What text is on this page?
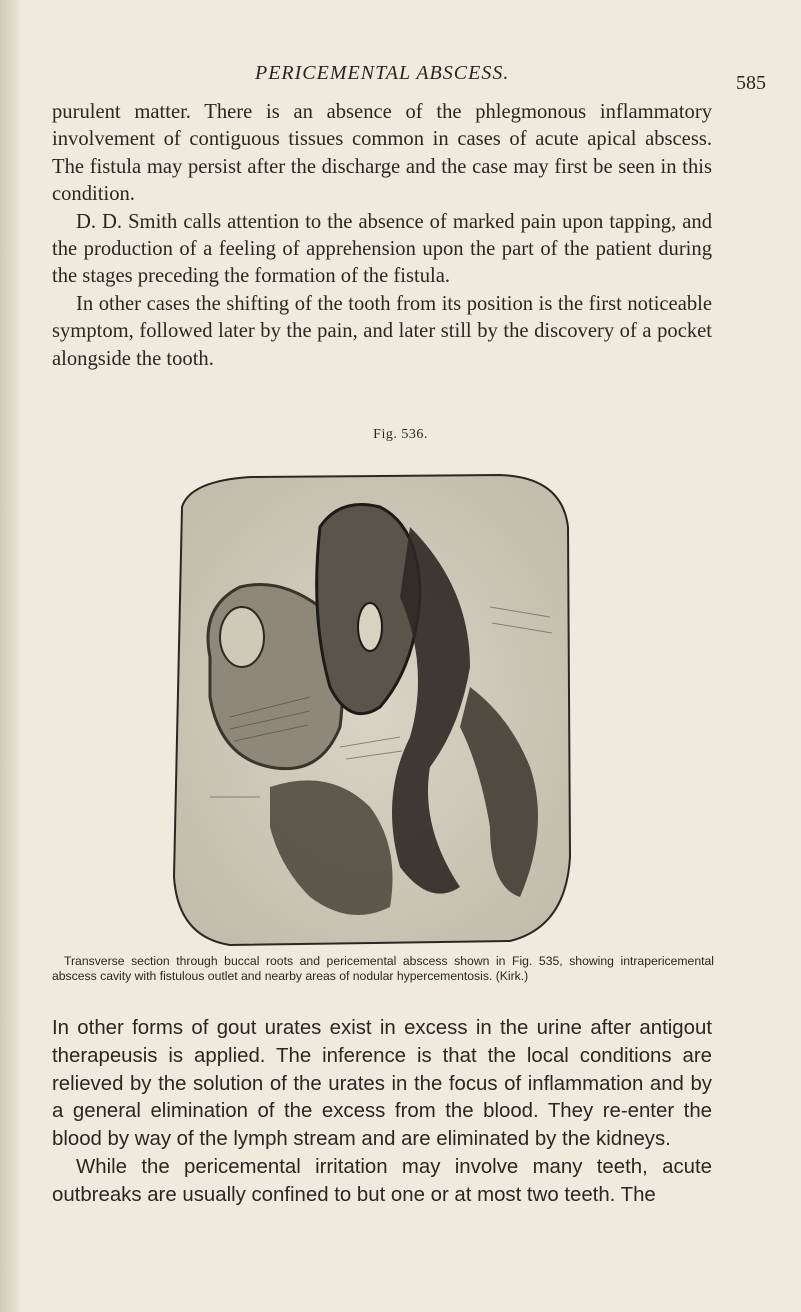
PERICEMENTAL ABSCESS.	585

purulent matter. There is an absence of the phlegmonous inflammatory involvement of contiguous tissues common in cases of acute apical abscess. The fistula may persist after the discharge and the case may first be seen in this condition.

D. D. Smith calls attention to the absence of marked pain upon tapping, and the production of a feeling of apprehension upon the part of the patient during the stages preceding the formation of the fistula.

In other cases the shifting of the tooth from its position is the first noticeable symptom, followed later by the pain, and later still by the discovery of a pocket alongside the tooth.

Fig. 536.
Transverse section through buccal roots and pericemental abscess shown in Fig. 535, showing intrapericemental abscess cavity with fistulous outlet and nearby areas of nodular hypercementosis. (Kirk.)

In other forms of gout urates exist in excess in the urine after antigout therapeusis is applied. The inference is that the local conditions are relieved by the solution of the urates in the focus of inflammation and by a general elimination of the excess from the blood. They re-enter the blood by way of the lymph stream and are eliminated by the kidneys.

While the pericemental irritation may involve many teeth, acute outbreaks are usually confined to but one or at most two teeth. The
